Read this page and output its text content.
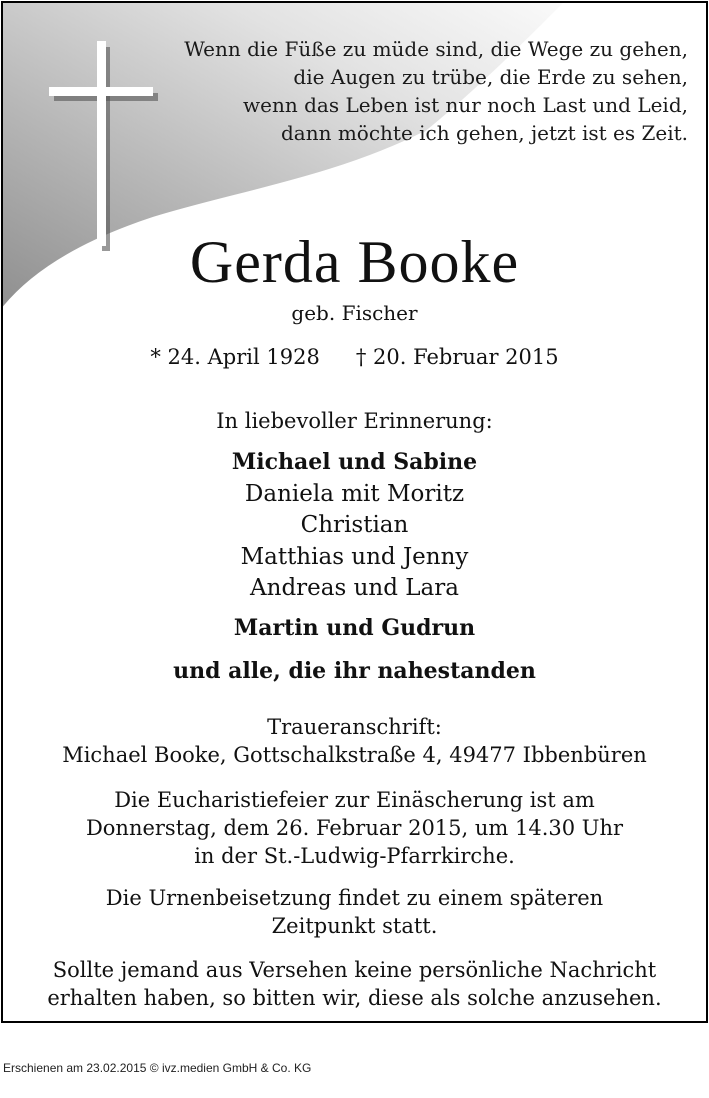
Wenn die Füße zu müde sind, die Wege zu gehen,
die Augen zu trübe, die Erde zu sehen,
wenn das Leben ist nur noch Last und Leid,
dann möchte ich gehen, jetzt ist es Zeit.
Gerda Booke
geb. Fischer
* 24. April 1928 † 20. Februar 2015
In liebevoller Erinnerung:
Michael und Sabine
Daniela mit Moritz
Christian
Matthias und Jenny
Andreas und Lara
Martin und Gudrun
und alle, die ihr nahestanden
Traueranschrift:
Michael Booke, Gottschalkstraße 4, 49477 Ibbenbüren
Die Eucharistiefeier zur Einäscherung ist am
Donnerstag, dem 26. Februar 2015, um 14.30 Uhr
in der St.-Ludwig-Pfarrkirche.
Die Urnenbeisetzung findet zu einem späteren
Zeitpunkt statt.
Sollte jemand aus Versehen keine persönliche Nachricht
erhalten haben, so bitten wir, diese als solche anzusehen.
Erschienen am 23.02.2015 © ivz.medien GmbH & Co. KG
